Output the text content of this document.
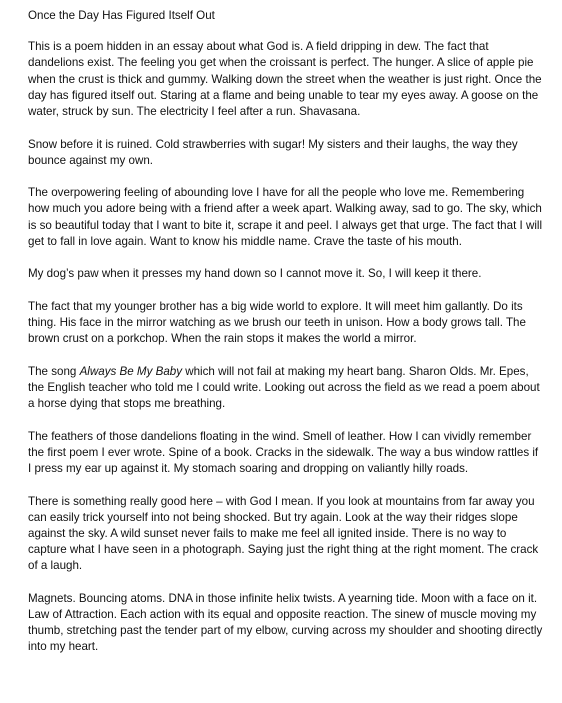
Once the Day Has Figured Itself Out

This is a poem hidden in an essay about what God is. A field dripping in dew. The fact that dandelions exist. The feeling you get when the croissant is perfect. The hunger. A slice of apple pie when the crust is thick and gummy. Walking down the street when the weather is just right. Once the day has figured itself out. Staring at a flame and being unable to tear my eyes away. A goose on the water, struck by sun. The electricity I feel after a run. Shavasana.

Snow before it is ruined. Cold strawberries with sugar! My sisters and their laughs, the way they bounce against my own.

The overpowering feeling of abounding love I have for all the people who love me. Remembering how much you adore being with a friend after a week apart. Walking away, sad to go. The sky, which is so beautiful today that I want to bite it, scrape it and peel. I always get that urge. The fact that I will get to fall in love again. Want to know his middle name. Crave the taste of his mouth.

My dog’s paw when it presses my hand down so I cannot move it. So, I will keep it there.

The fact that my younger brother has a big wide world to explore. It will meet him gallantly. Do its thing. His face in the mirror watching as we brush our teeth in unison. How a body grows tall. The brown crust on a porkchop. When the rain stops it makes the world a mirror.

The song Always Be My Baby which will not fail at making my heart bang. Sharon Olds. Mr. Epes, the English teacher who told me I could write. Looking out across the field as we read a poem about a horse dying that stops me breathing.

The feathers of those dandelions floating in the wind. Smell of leather. How I can vividly remember the first poem I ever wrote. Spine of a book. Cracks in the sidewalk. The way a bus window rattles if I press my ear up against it. My stomach soaring and dropping on valiantly hilly roads.

There is something really good here – with God I mean. If you look at mountains from far away you can easily trick yourself into not being shocked. But try again. Look at the way their ridges slope against the sky. A wild sunset never fails to make me feel all ignited inside. There is no way to capture what I have seen in a photograph. Saying just the right thing at the right moment. The crack of a laugh.

Magnets. Bouncing atoms. DNA in those infinite helix twists. A yearning tide. Moon with a face on it. Law of Attraction. Each action with its equal and opposite reaction. The sinew of muscle moving my thumb, stretching past the tender part of my elbow, curving across my shoulder and shooting directly into my heart.
